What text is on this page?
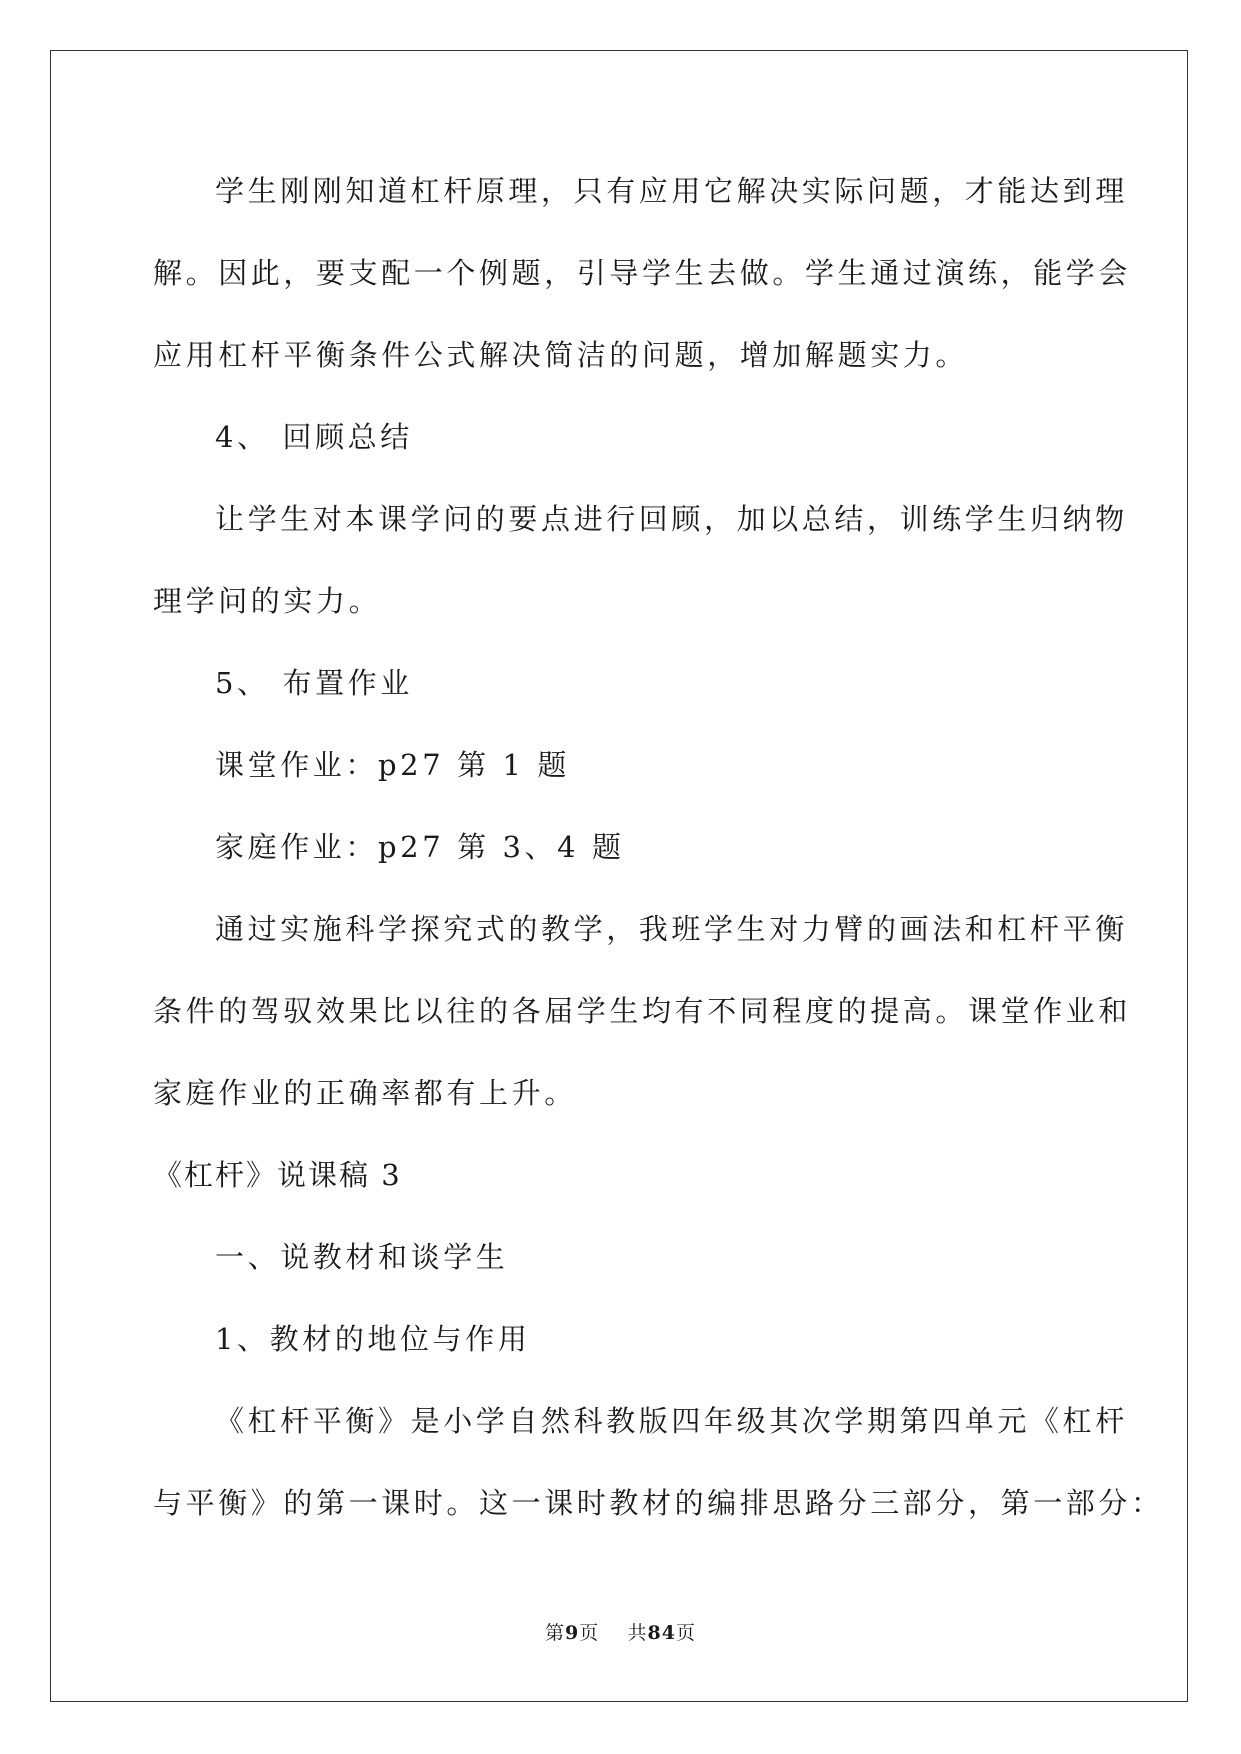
学生刚刚知道杠杆原理，只有应用它解决实际问题，才能达到理
解。因此，要支配一个例题，引导学生去做。学生通过演练，能学会
应用杠杆平衡条件公式解决简洁的问题，增加解题实力。
4、 回顾总结
让学生对本课学问的要点进行回顾，加以总结，训练学生归纳物
理学问的实力。
5、 布置作业
课堂作业：p27 第 1 题
家庭作业：p27 第 3、4 题
通过实施科学探究式的教学，我班学生对力臂的画法和杠杆平衡
条件的驾驭效果比以往的各届学生均有不同程度的提高。课堂作业和
家庭作业的正确率都有上升。
《杠杆》说课稿 3
一、说教材和谈学生
1、教材的地位与作用
《杠杆平衡》是小学自然科教版四年级其次学期第四单元《杠杆
与平衡》的第一课时。这一课时教材的编排思路分三部分，第一部分：
第9页 共84页
